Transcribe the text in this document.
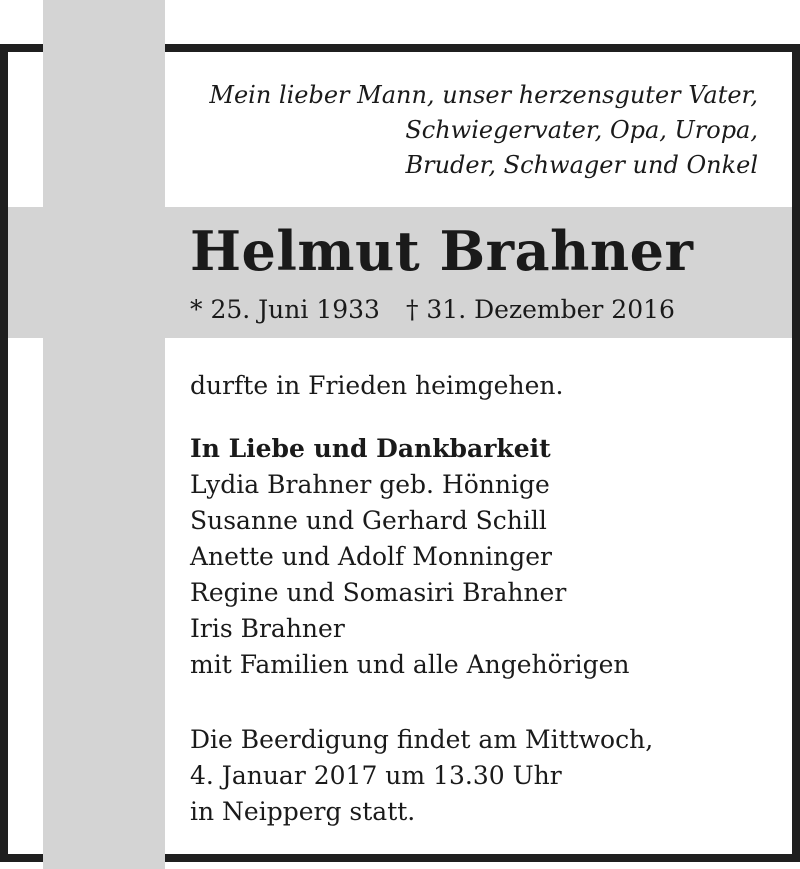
Mein lieber Mann, unser herzensguter Vater,
Schwiegervater, Opa, Uropa,
Bruder, Schwager und Onkel
Helmut Brahner
* 25. Juni 1933 † 31. Dezember 2016
durfte in Frieden heimgehen.
In Liebe und Dankbarkeit
Lydia Brahner geb. Hönnige
Susanne und Gerhard Schill
Anette und Adolf Monninger
Regine und Somasiri Brahner
Iris Brahner
mit Familien und alle Angehörigen
Die Beerdigung findet am Mittwoch,
4. Januar 2017 um 13.30 Uhr
in Neipperg statt.
